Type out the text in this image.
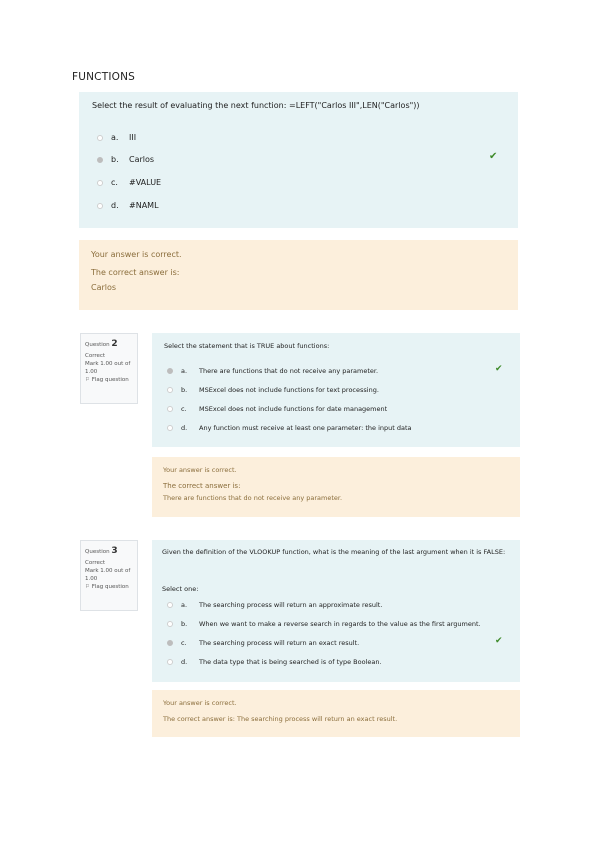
FUNCTIONS
Select the result of evaluating the next function: =LEFT("Carlos III",LEN("Carlos"))
a.	III
b.	Carlos	✔
c.	#VALUE
d.	#NAML
Your answer is correct.
The correct answer is:
Carlos
Question 2
Correct
Mark 1.00 out of 1.00
⚐ Flag question
Select the statement that is TRUE about functions:
a.	There are functions that do not receive any parameter.	✔
b.	MSExcel does not include functions for text processing.
c.	MSExcel does not include functions for date management
d.	Any function must receive at least one parameter: the input data
Your answer is correct.
The correct answer is:
There are functions that do not receive any parameter.
Question 3
Correct
Mark 1.00 out of 1.00
⚐ Flag question
Given the definition of the VLOOKUP function, what is the meaning of the last argument when it is FALSE:
Select one:
a.	The searching process will return an approximate result.
b.	When we want to make a reverse search in regards to the value as the first argument.
c.	The searching process will return an exact result.	✔
d.	The data type that is being searched is of type Boolean.
Your answer is correct.
The correct answer is: The searching process will return an exact result.
